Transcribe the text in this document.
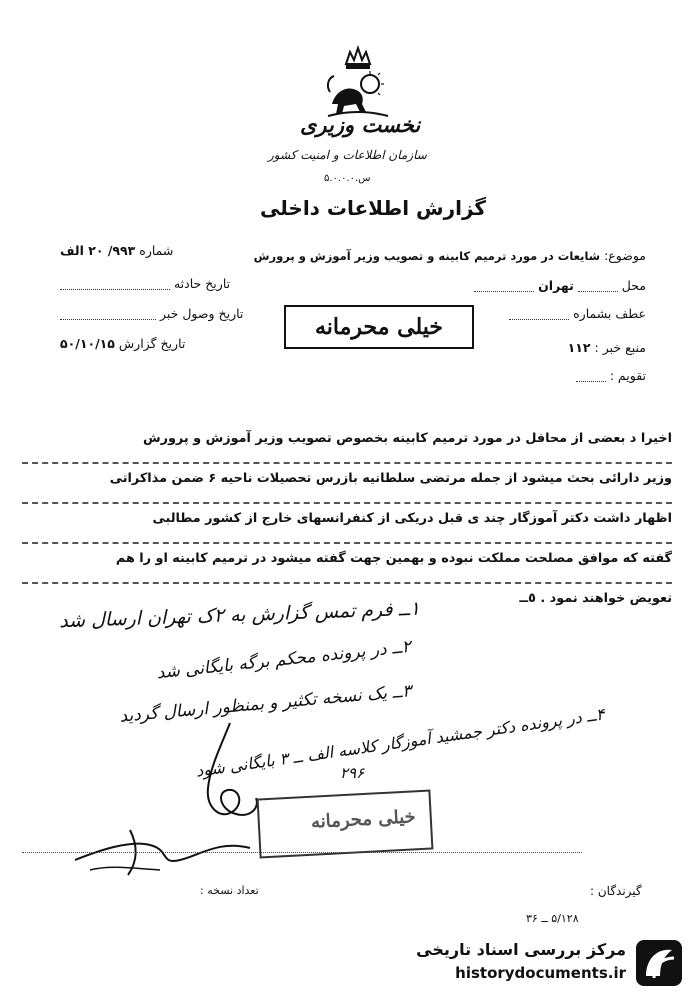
نخست وزیری
سازمان اطلاعات و امنیت کشور
س.۵.۰.۰.۰
گزارش اطلاعات داخلی
موضوع: شایعات در مورد ترمیم کابینه و تصویب وزیر آموزش و پرورش
محل  تهران
عطف بشماره
منبع خبر : ۱۱۲
تقویم :
شماره ۹۹۳/ ۲۰ الف
تاریخ حادثه
تاریخ وصول خبر
تاریخ گزارش ۵۰/۱۰/۱۵
خیلی محرمانه
اخیرا د بعضی از محافل در مورد ترمیم کابینه بخصوص تصویب وزیر آموزش و پرورش
وزیر دارائی بحث میشود از جمله مرتضی سلطانیه بازرس تحصیلات ناحیه ۶ ضمن مذاکراتی
اظهار داشت دکتر آموزگار چند ی قبل دریکی از کنفرانسهای خارج از کشور مطالبی
گفته که موافق مصلحت مملکت نبوده و بهمین جهت گفته میشود در ترمیم کابینه او را هم
تعویض خواهند نمود . ٥ــ
۱ــ فرم تمس گزارش به ۲ک تهران ارسال شد
۲ــ در پرونده محکم برگه بایگانی شد
۳ــ یک نسخه تکثیر و بمنظور ارسال گردید
۴ــ در پرونده دکتر جمشید آموزگار کلاسه الف ــ ۳ بایگانی شود
۲۹۶
خیلی محرمانه
تعداد نسخه :	گیرندگان :
۵/۱۲۸ ــ ۳۶
مرکز بررسی اسناد تاریخی
historydocuments.ir
